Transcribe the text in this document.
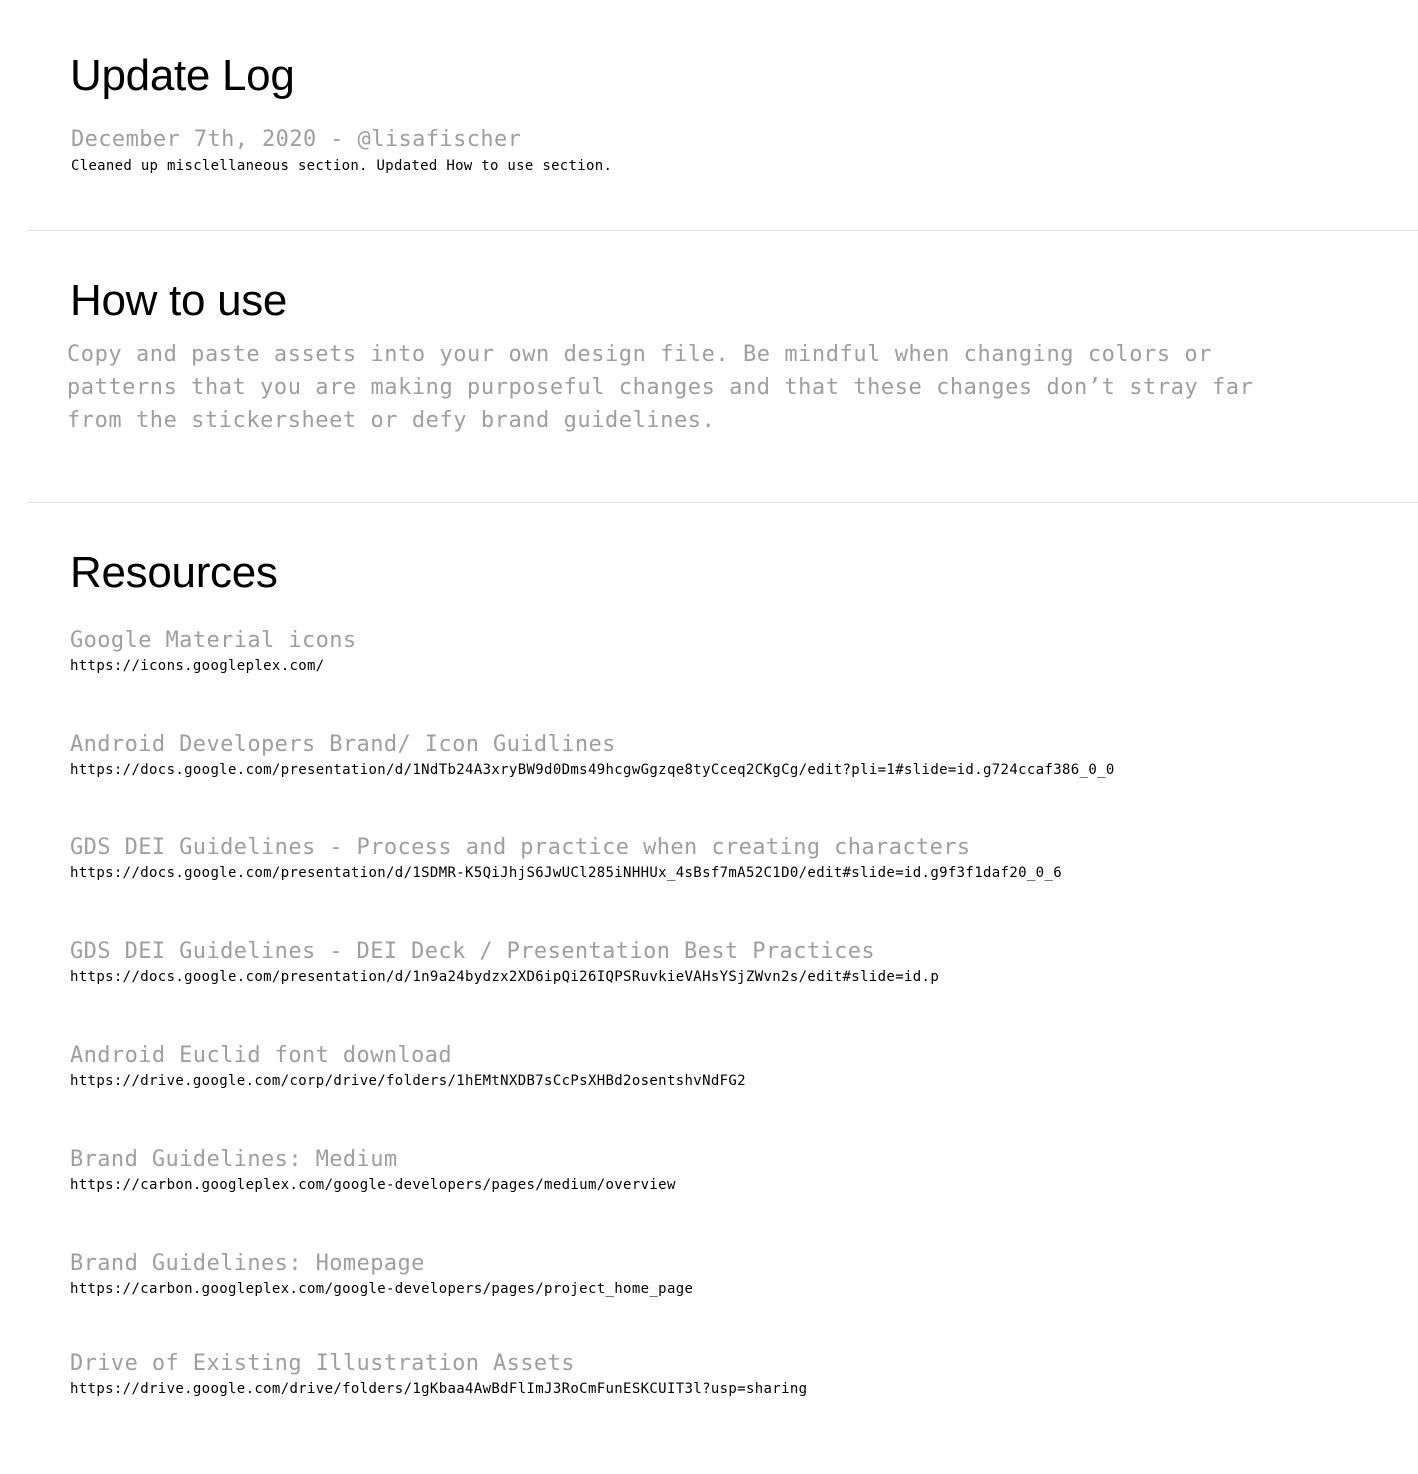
Update Log
December 7th, 2020 - @lisafischer
Cleaned up misclellaneous section. Updated How to use section.
How to use
Copy and paste assets into your own design file. Be mindful when changing colors or patterns that you are making purposeful changes and that these changes don’t stray far from the stickersheet or defy brand guidelines.
Resources
Google Material icons
https://icons.googleplex.com/
Android Developers Brand/ Icon Guidlines
https://docs.google.com/presentation/d/1NdTb24A3xryBW9d0Dms49hcgwGgzqe8tyCceq2CKgCg/edit?pli=1#slide=id.g724ccaf386_0_0
GDS DEI Guidelines - Process and practice when creating characters
https://docs.google.com/presentation/d/1SDMR-K5QiJhjS6JwUCl285iNHHUx_4sBsf7mA52C1D0/edit#slide=id.g9f3f1daf20_0_6
GDS DEI Guidelines - DEI Deck / Presentation Best Practices
https://docs.google.com/presentation/d/1n9a24bydzx2XD6ipQi26IQPSRuvkieVAHsYSjZWvn2s/edit#slide=id.p
Android Euclid font download
https://drive.google.com/corp/drive/folders/1hEMtNXDB7sCcPsXHBd2osentshvNdFG2
Brand Guidelines: Medium
https://carbon.googleplex.com/google-developers/pages/medium/overview
Brand Guidelines: Homepage
https://carbon.googleplex.com/google-developers/pages/project_home_page
Drive of Existing Illustration Assets
https://drive.google.com/drive/folders/1gKbaa4AwBdFlImJ3RoCmFunESKCUIT3l?usp=sharing
